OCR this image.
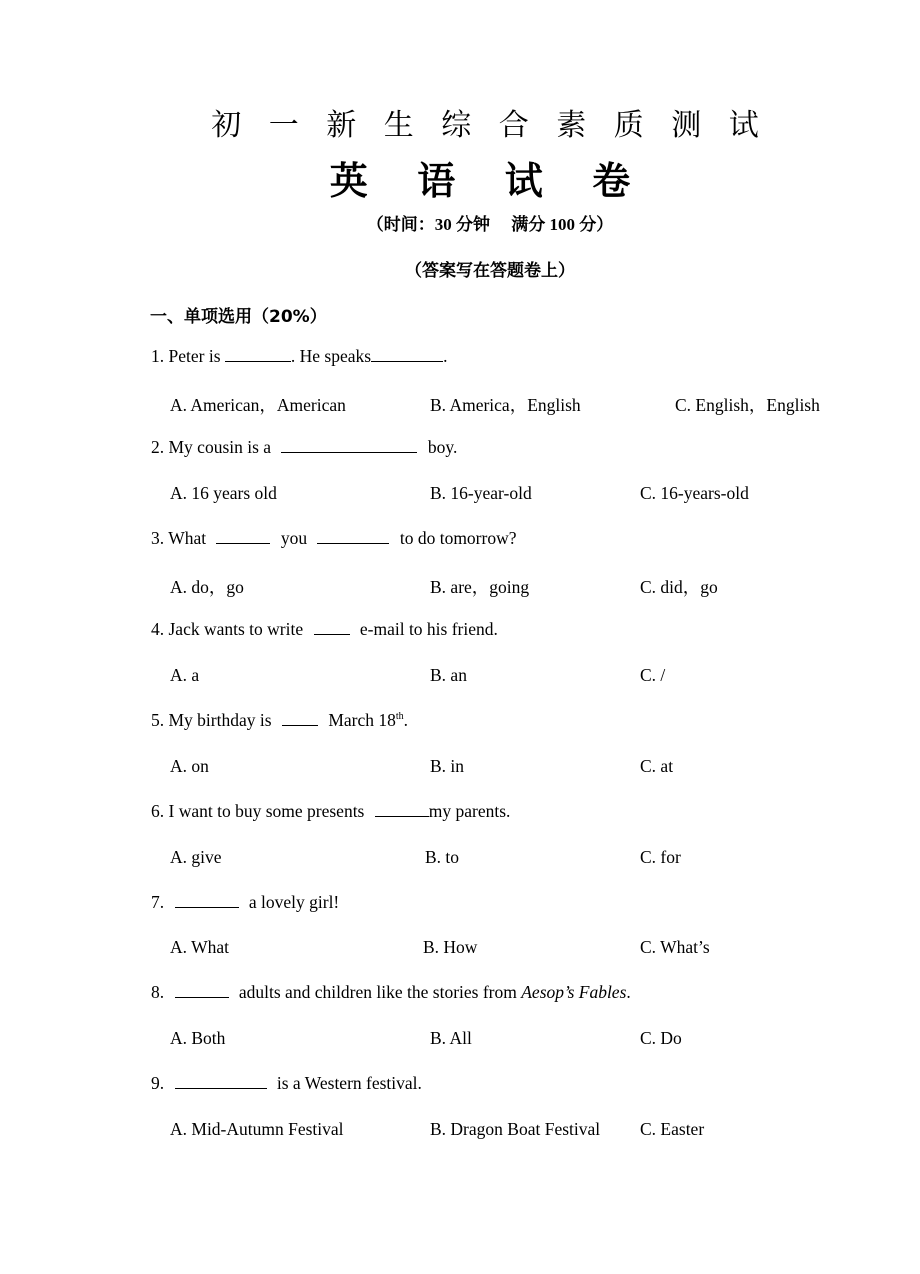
初 一 新 生 综 合 素 质 测 试
英 语 试 卷
（时间：30 分钟　 满分 100 分）
（答案写在答题卷上）
一、单项选用（20%）
1. Peter is	. He speaks	.
A. American，American	B. America，English	C. English，English
2. My cousin is a	boy.
A. 16 years old	B. 16-year-old	C. 16-years-old
3. What	you	to do tomorrow?
A. do，go	B. are，going	C. did，go
4. Jack wants to write	e-mail to his friend.
A. a	B. an	C. /
5. My birthday is	March 18th.
A. on	B. in	C. at
6. I want to buy some presents	my parents.
A. give	B. to	C. for
7.	a lovely girl!
A. What	B. How	C. What’s
8.	adults and children like the stories from Aesop’s Fables.
A. Both	B. All	C. Do
9.	is a Western festival.
A. Mid-Autumn Festival	B. Dragon Boat Festival C. Easter
